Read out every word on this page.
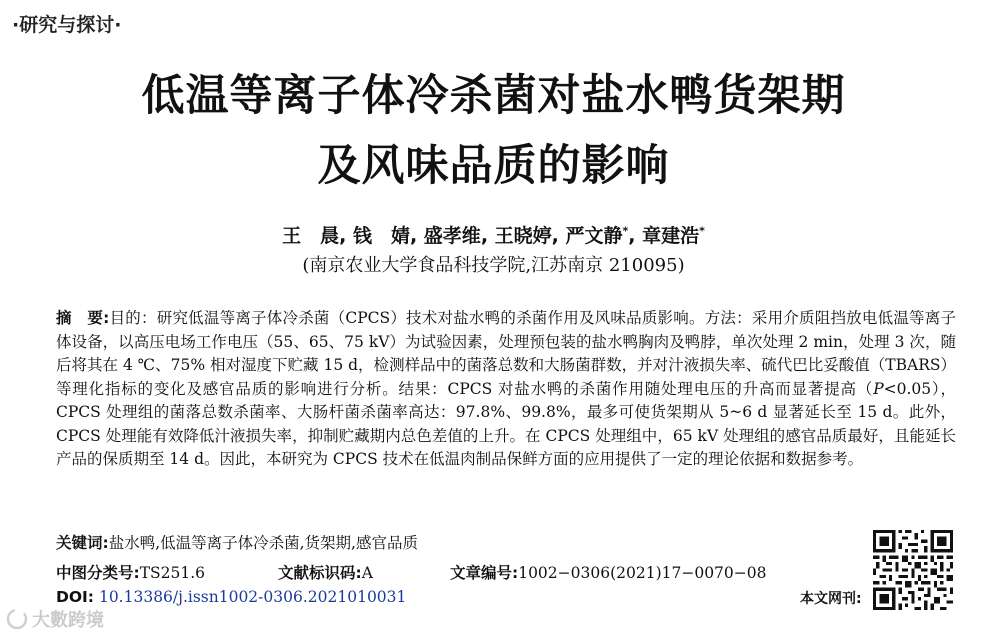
·研究与探讨·
低温等离子体冷杀菌对盐水鸭货架期
及风味品质的影响
王　晨, 钱　婧, 盛孝维, 王晓婷, 严文静*, 章建浩*
(南京农业大学食品科技学院,江苏南京 210095)
摘　要:目的：研究低温等离子体冷杀菌（CPCS）技术对盐水鸭的杀菌作用及风味品质影响。方法：采用介质阻挡放电低温等离子体设备，以高压电场工作电压（55、65、75 kV）为试验因素，处理预包装的盐水鸭胸肉及鸭脖，单次处理 2 min，处理 3 次，随后将其在 4 ℃、75% 相对湿度下贮藏 15 d，检测样品中的菌落总数和大肠菌群数，并对汁液损失率、硫代巴比妥酸值（TBARS）等理化指标的变化及感官品质的影响进行分析。结果：CPCS 对盐水鸭的杀菌作用随处理电压的升高而显著提高（P<0.05），CPCS 处理组的菌落总数杀菌率、大肠杆菌杀菌率高达：97.8%、99.8%，最多可使货架期从 5~6 d 显著延长至 15 d。此外，CPCS 处理能有效降低汁液损失率，抑制贮藏期内总色差值的上升。在 CPCS 处理组中，65 kV 处理组的感官品质最好，且能延长产品的保质期至 14 d。因此，本研究为 CPCS 技术在低温肉制品保鲜方面的应用提供了一定的理论依据和数据参考。
关键词:盐水鸭,低温等离子体冷杀菌,货架期,感官品质
中图分类号:TS251.6	文献标识码:A	文章编号:1002−0306(2021)17−0070−08
DOI: 10.13386/j.issn1002-0306.2021010031	本文网刊:
大數跨境
